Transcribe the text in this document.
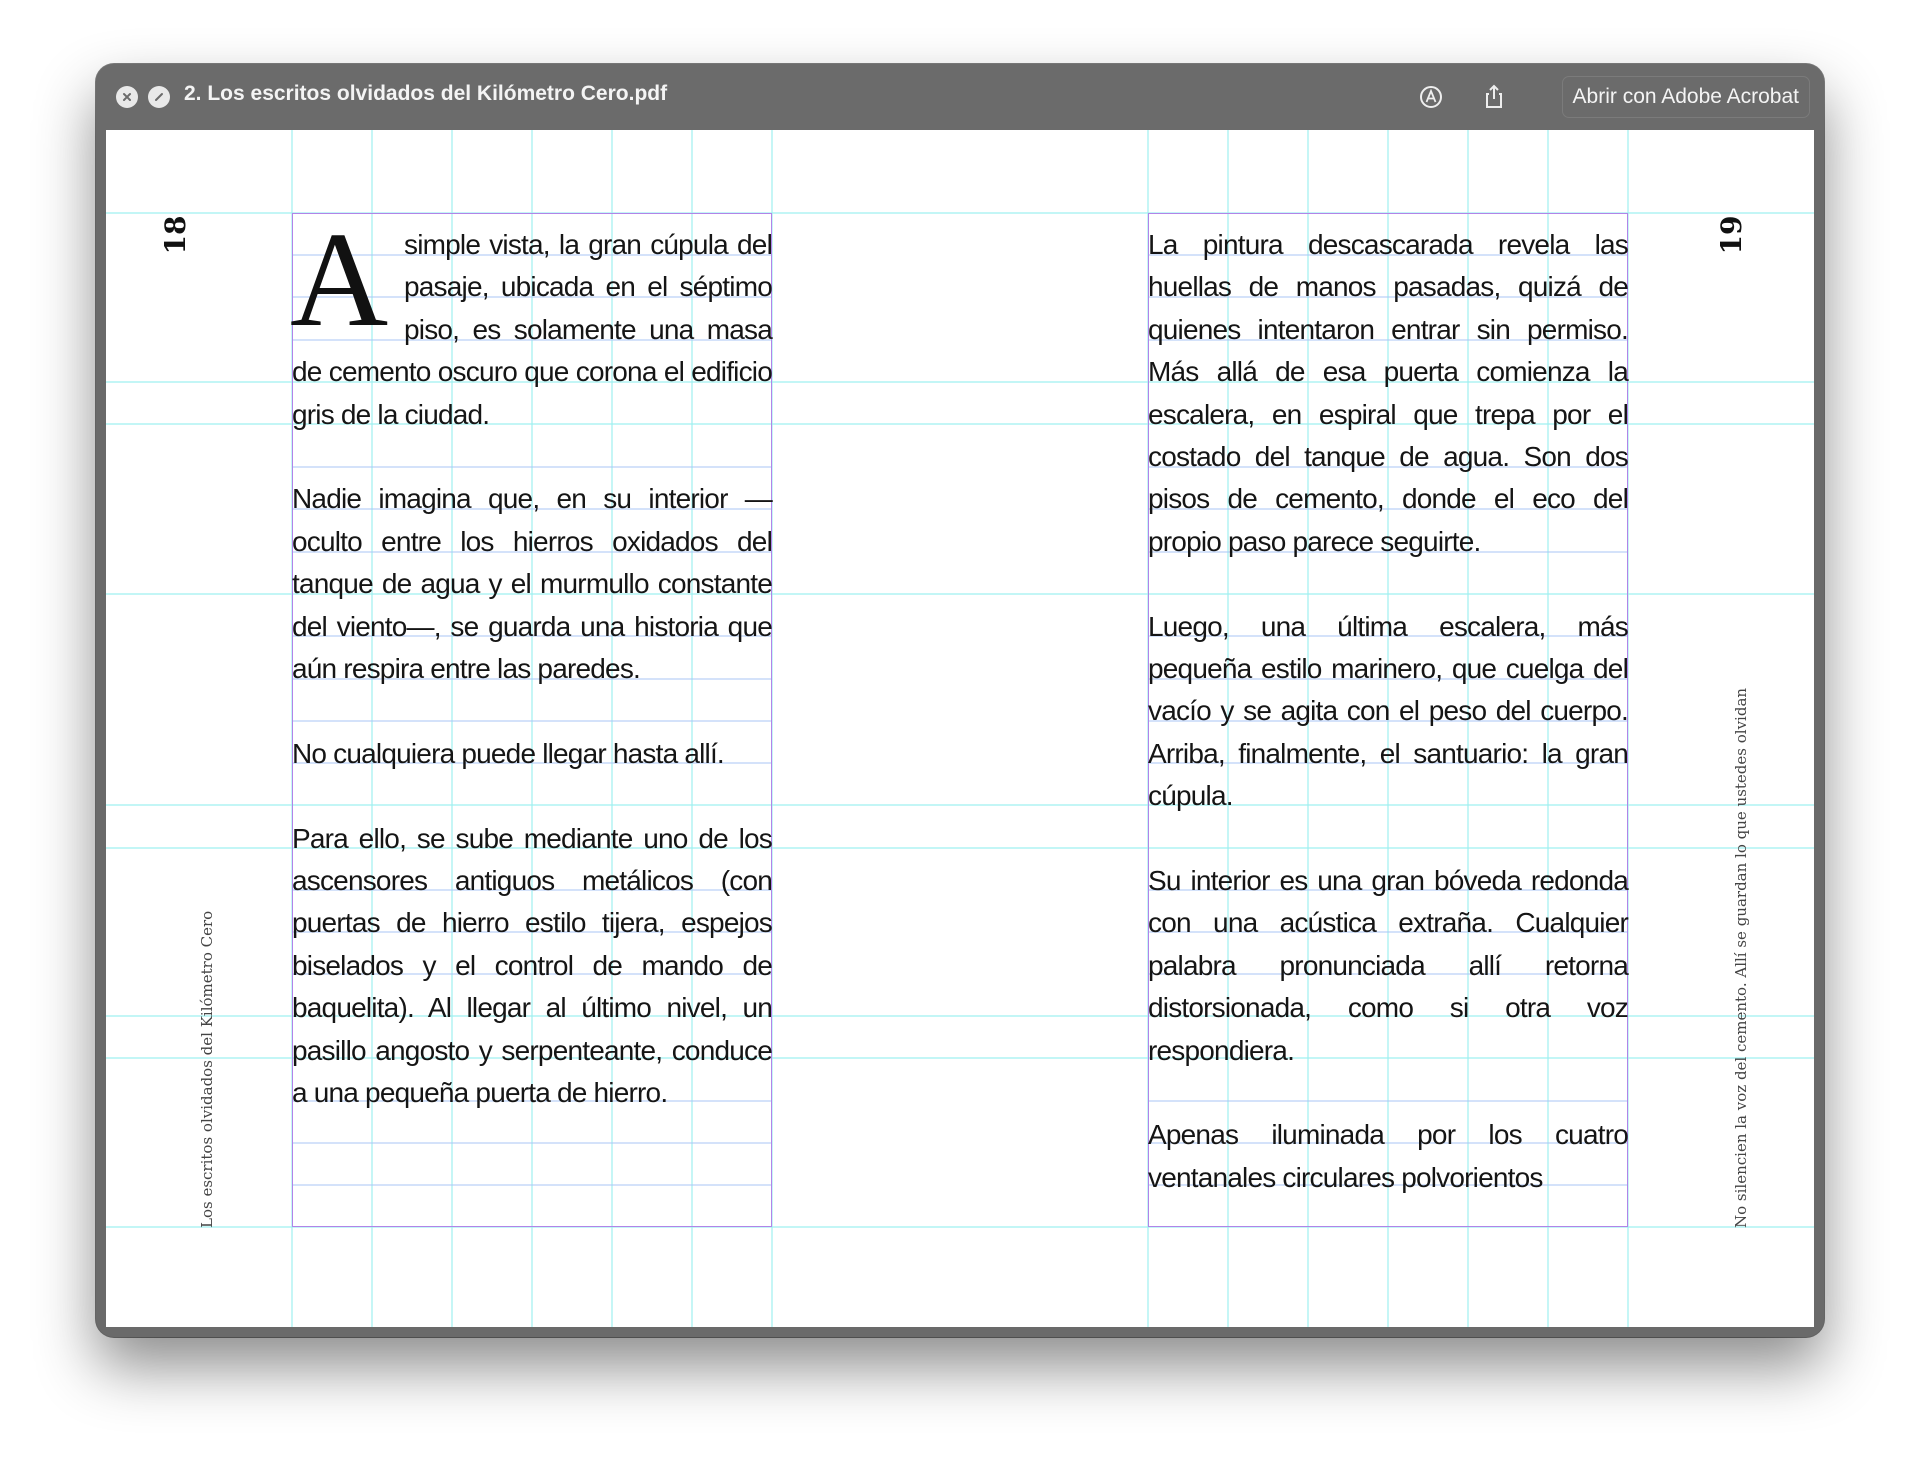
2. Los escritos olvidados del Kilómetro Cero.pdf	Abrir con Adobe Acrobat
18	19
Los escritos olvidados del Kilómetro Cero	No silencien la voz del cemento. Allí se guardan lo que ustedes olvidan

A simple vista, la gran cúpula del pasaje, ubicada en el séptimo piso, es solamente una masa de cemento oscuro que corona el edificio gris de la ciudad.

Nadie imagina que, en su interior —oculto entre los hierros oxidados del tanque de agua y el murmullo constante del viento—, se guarda una historia que aún respira entre las paredes.

No cualquiera puede llegar hasta allí.

Para ello, se sube mediante uno de los ascensores antiguos metálicos (con puertas de hierro estilo tijera, espejos biselados y el control de mando de baquelita). Al llegar al último nivel, un pasillo angosto y serpenteante, conduce a una pequeña puerta de hierro.

La pintura descascarada revela las huellas de manos pasadas, quizá de quienes intentaron entrar sin permiso. Más allá de esa puerta comienza la escalera, en espiral que trepa por el costado del tanque de agua. Son dos pisos de cemento, donde el eco del propio paso parece seguirte.

Luego, una última escalera, más pequeña estilo marinero, que cuelga del vacío y se agita con el peso del cuerpo. Arriba, finalmente, el santuario: la gran cúpula.

Su interior es una gran bóveda redonda con una acústica extraña. Cualquier palabra pronunciada allí retorna distorsionada, como si otra voz respondiera.

Apenas iluminada por los cuatro ventanales circulares polvorientos
